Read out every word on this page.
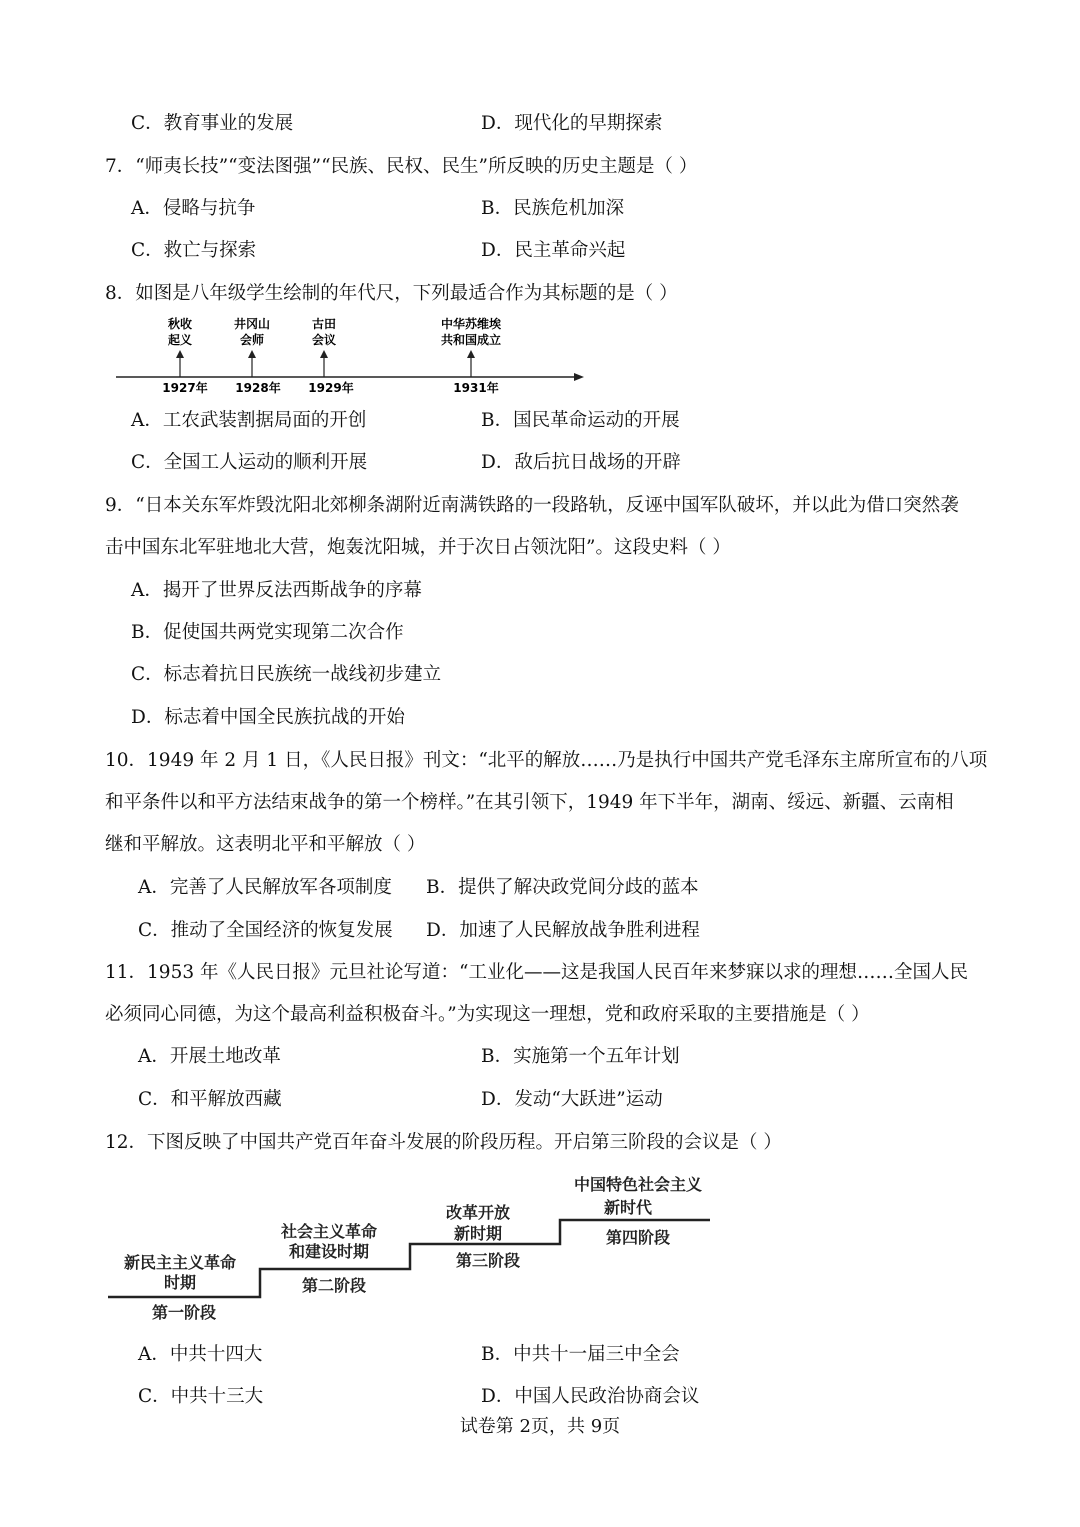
C．教育事业的发展	D．现代化的早期探索
7．“师夷长技”“变法图强”“民族、民权、民生”所反映的历史主题是（ ）
A．侵略与抗争	B．民族危机加深
C．救亡与探索	D．民主革命兴起
8．如图是八年级学生绘制的年代尺，下列最适合作为其标题的是（ ）
秋收
起义
1927年
井冈山
会师
1928年
古田
会议
1929年
中华苏维埃
共和国成立
1931年
A．工农武装割据局面的开创	B．国民革命运动的开展
C．全国工人运动的顺利开展	D．敌后抗日战场的开辟
9．“日本关东军炸毁沈阳北郊柳条湖附近南满铁路的一段路轨，反诬中国军队破坏，并以此为借口突然袭
击中国东北军驻地北大营，炮轰沈阳城，并于次日占领沈阳”。这段史料（ ）
A．揭开了世界反法西斯战争的序幕
B．促使国共两党实现第二次合作
C．标志着抗日民族统一战线初步建立
D．标志着中国全民族抗战的开始
10．1949 年 2 月 1 日，《人民日报》刊文：“北平的解放……乃是执行中国共产党毛泽东主席所宣布的八项
和平条件以和平方法结束战争的第一个榜样。”在其引领下，1949 年下半年，湖南、绥远、新疆、云南相
继和平解放。这表明北平和平解放（ ）
A．完善了人民解放军各项制度 B．提供了解决政党间分歧的蓝本
C．推动了全国经济的恢复发展 D．加速了人民解放战争胜利进程
11．1953 年《人民日报》元旦社论写道：“工业化——这是我国人民百年来梦寐以求的理想……全国人民
必须同心同德，为这个最高利益积极奋斗。”为实现这一理想，党和政府采取的主要措施是（ ）
A．开展土地改革	B．实施第一个五年计划
C．和平解放西藏	D．发动“大跃进”运动
12．下图反映了中国共产党百年奋斗发展的阶段历程。开启第三阶段的会议是（ ）
新民主主义革命
时期
第一阶段
社会主义革命
和建设时期
第二阶段
改革开放
新时期
第三阶段
中国特色社会主义
新时代
第四阶段
A．中共十四大	B．中共十一届三中全会
C．中共十三大	D．中国人民政治协商会议
试卷第 2页，共 9页
